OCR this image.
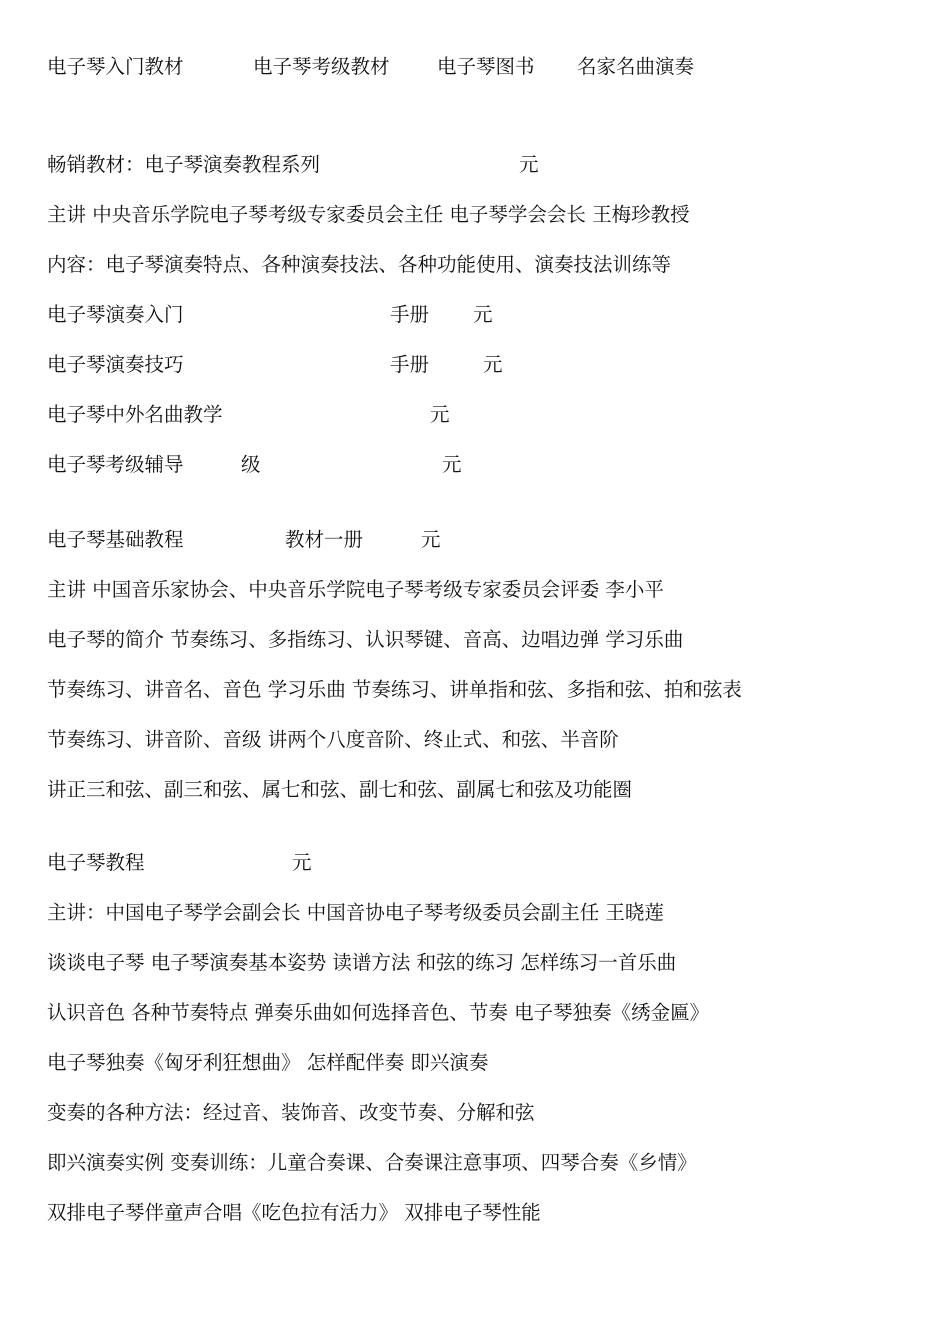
电子琴入门教材	电子琴考级教材 电子琴图书 名家名曲演奏
畅销教材：电子琴演奏教程系列	元
主讲 中央音乐学院电子琴考级专家委员会主任 电子琴学会会长 王梅珍教授
内容：电子琴演奏特点、各种演奏技法、各种功能使用、演奏技法训练等
电子琴演奏入门	手册 元
电子琴演奏技巧	手册	元
电子琴中外名曲教学	元
电子琴考级辅导	级	元
电子琴基础教程	教材一册	元
主讲 中国音乐家协会、中央音乐学院电子琴考级专家委员会评委 李小平
电子琴的简介 节奏练习、多指练习、认识琴键、音高、边唱边弹 学习乐曲
节奏练习、讲音名、音色 学习乐曲 节奏练习、讲单指和弦、多指和弦、拍和弦表
节奏练习、讲音阶、音级 讲两个八度音阶、终止式、和弦、半音阶
讲正三和弦、副三和弦、属七和弦、副七和弦、副属七和弦及功能圈
电子琴教程	元
主讲：中国电子琴学会副会长 中国音协电子琴考级委员会副主任 王晓莲
谈谈电子琴 电子琴演奏基本姿势 读谱方法 和弦的练习 怎样练习一首乐曲
认识音色 各种节奏特点 弹奏乐曲如何选择音色、节奏 电子琴独奏《绣金匾》
电子琴独奏《匈牙利狂想曲》 怎样配伴奏 即兴演奏
变奏的各种方法：经过音、装饰音、改变节奏、分解和弦
即兴演奏实例 变奏训练：儿童合奏课、合奏课注意事项、四琴合奏《乡情》
双排电子琴伴童声合唱《吃色拉有活力》 双排电子琴性能
